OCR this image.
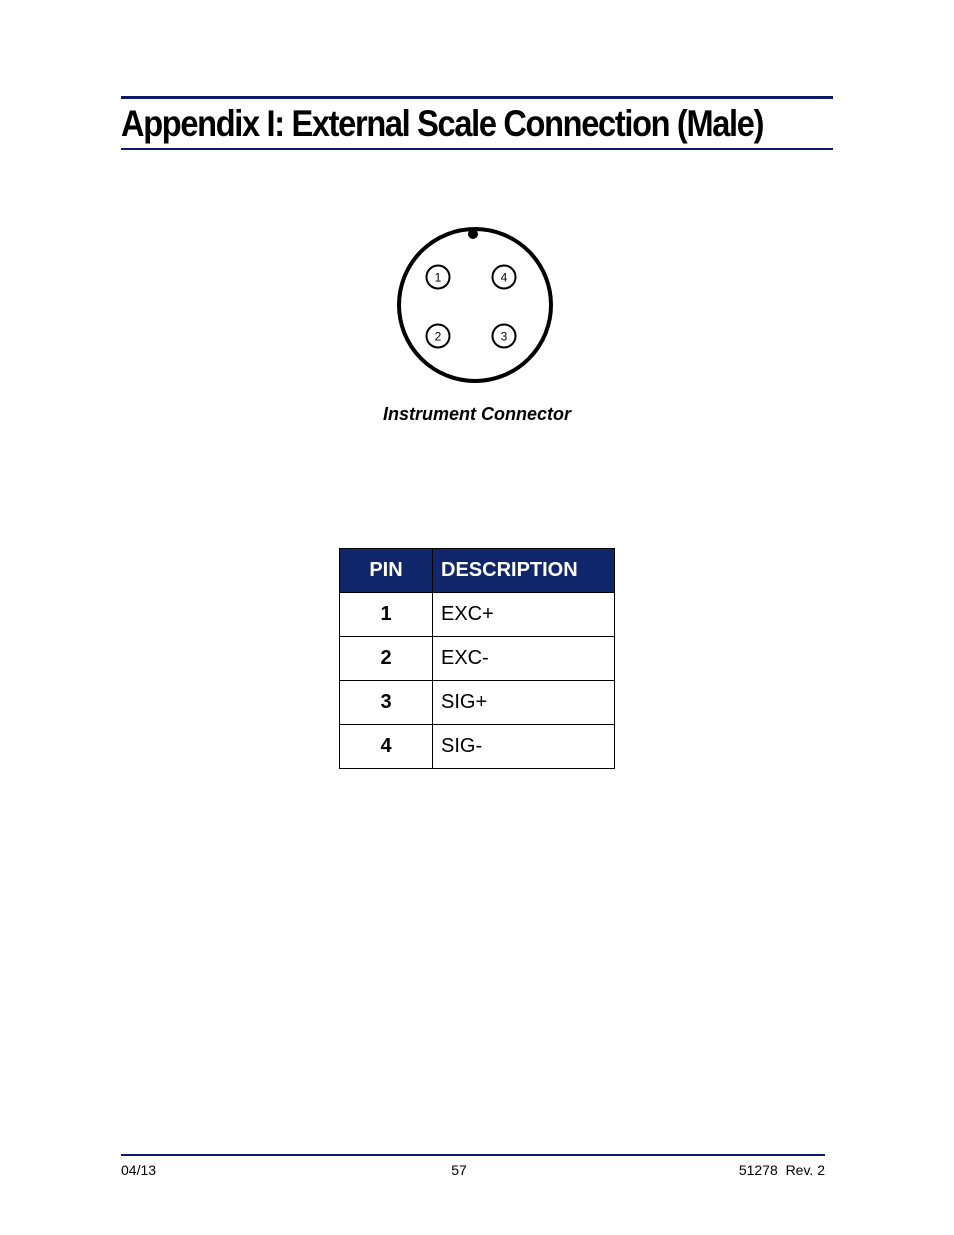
Appendix I: External Scale Connection (Male)
1	4
2	3

Instrument Connector

PIN	DESCRIPTION
1	EXC+
2	EXC-
3	SIG+
4	SIG-

04/13	57	51278  Rev. 2
